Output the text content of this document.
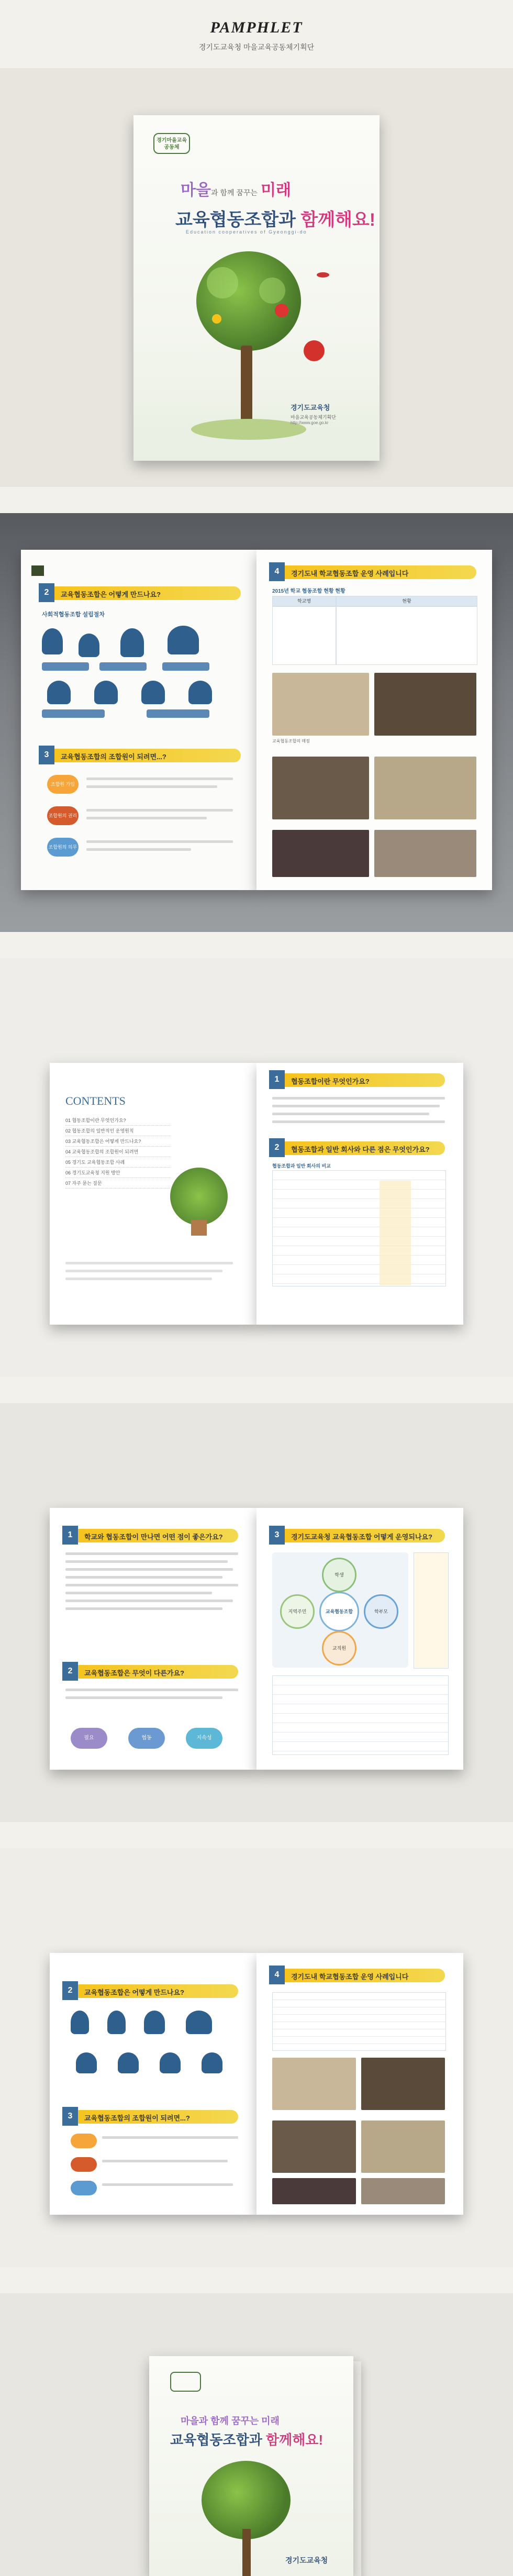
PAMPHLET
경기도교육청 마을교육공동체기획단
경기마을교육공동체
마을과 함께 꿈꾸는 미래
교육협동조합과 함께해요!
Education cooperatives of Gyeonggi-do
경기도교육청
마을교육공동체기획단
http://www.goe.go.kr
2	교육협동조합은 어떻게 만드나요?
사회적협동조합 설립절차
3	교육협동조합의 조합원이 되려면...?
조합원 가입
조합원의 권리
조합원의 의무
4	경기도내 학교협동조합 운영 사례입니다
2015년 학교 협동조합 현황 현황
학교명	현황
교육협동조합의 매점
CONTENTS
01 협동조합이란 무엇인가요?
02 협동조합의 일반적인 운영원칙
03 교육협동조합은 어떻게 만드나요?
04 교육협동조합의 조합원이 되려면
05 경기도 교육협동조합 사례
06 경기도교육청 지원 방안
07 자주 묻는 질문
1	협동조합이란 무엇인가요?
2	협동조합과 일반 회사와 다른 점은 무엇인가요?
협동조합과 일반 회사의 비교
1	학교와 협동조합이 만나면 어떤 점이 좋은가요?
2	교육협동조합은 무엇이 다른가요?
필요	협동	지속성
3	경기도교육청 교육협동조합 어떻게 운영되나요?
교육협동조합
학생
학부모
교직원
지역주민
2	교육협동조합은 어떻게 만드나요?
3	교육협동조합의 조합원이 되려면...?
4	경기도내 학교협동조합 운영 사례입니다
마을과 함께 꿈꾸는 미래
교육협동조합과 함께해요!
경기도교육청
